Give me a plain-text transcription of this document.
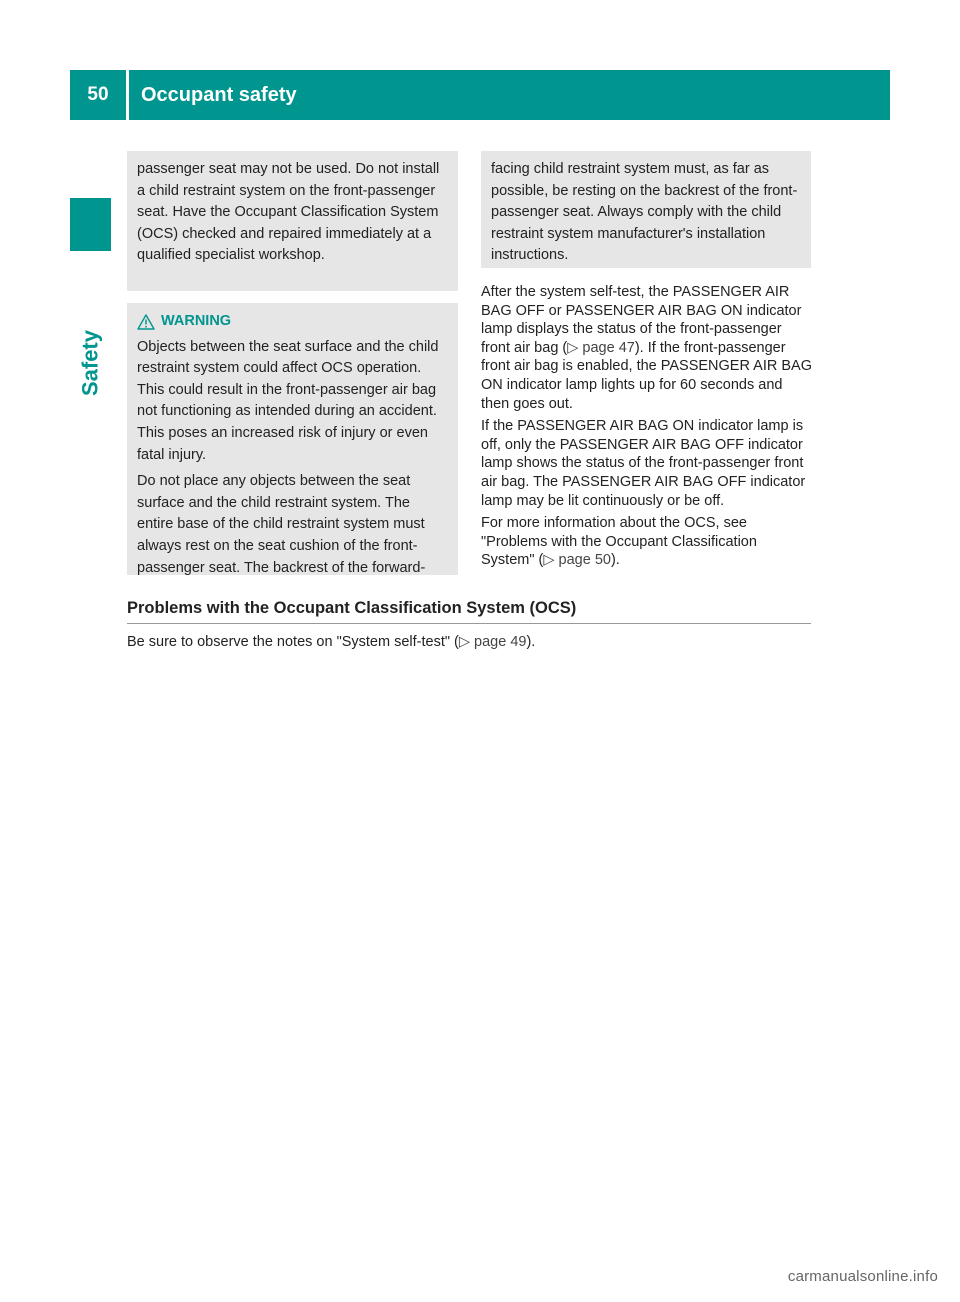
50	Occupant safety
Safety

passenger seat may not be used. Do not install a child restraint system on the front-passenger seat. Have the Occupant Classification System (OCS) checked and repaired immediately at a qualified specialist workshop.

WARNING

Objects between the seat surface and the child restraint system could affect OCS operation. This could result in the front-passenger air bag not functioning as intended during an accident. This poses an increased risk of injury or even fatal injury.

Do not place any objects between the seat surface and the child restraint system. The entire base of the child restraint system must always rest on the seat cushion of the front-passenger seat. The backrest of the forward-

facing child restraint system must, as far as possible, be resting on the backrest of the front-passenger seat. Always comply with the child restraint system manufacturer's installation instructions.

After the system self-test, the PASSENGER AIR BAG OFF or PASSENGER AIR BAG ON indicator lamp displays the status of the front-passenger front air bag (▷ page 47). If the front-passenger front air bag is enabled, the PASSENGER AIR BAG ON indicator lamp lights up for 60 seconds and then goes out.

If the PASSENGER AIR BAG ON indicator lamp is off, only the PASSENGER AIR BAG OFF indicator lamp shows the status of the front-passenger front air bag. The PASSENGER AIR BAG OFF indicator lamp may be lit continuously or be off.

For more information about the OCS, see "Problems with the Occupant Classification System" (▷ page 50).

Problems with the Occupant Classification System (OCS)
Be sure to observe the notes on "System self-test" (▷ page 49).
carmanualsonline.info
